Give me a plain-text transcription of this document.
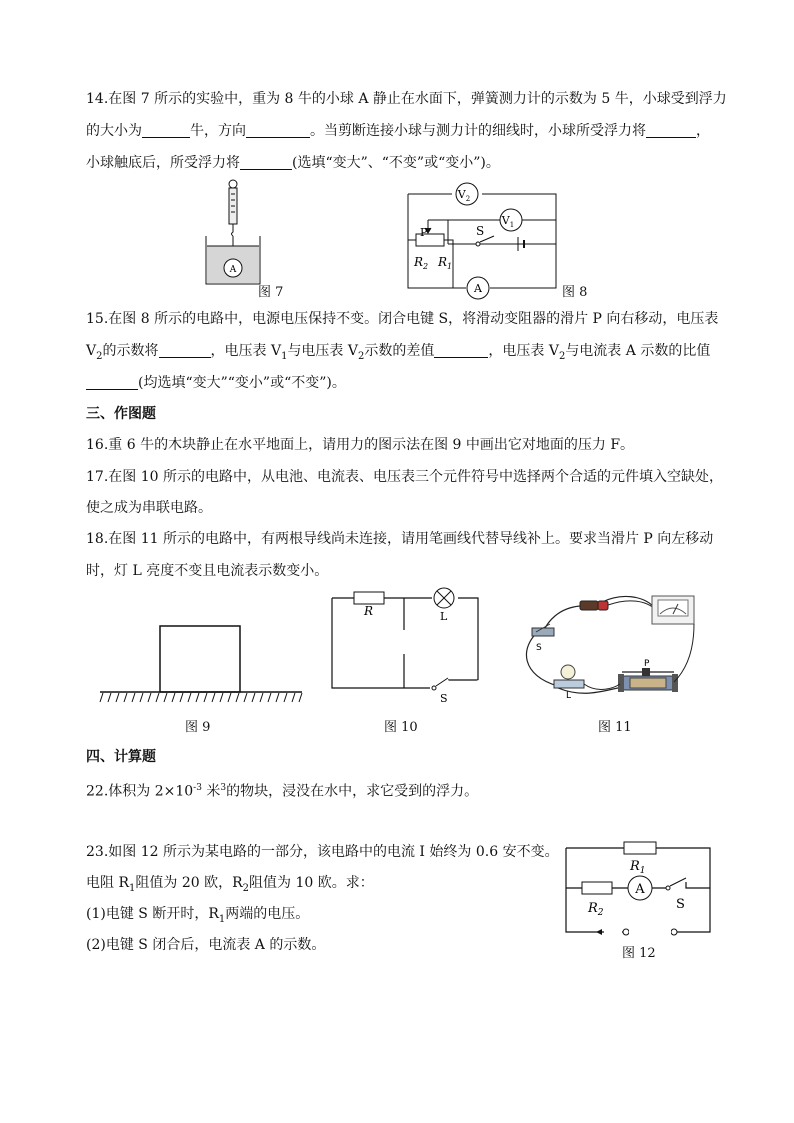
14.在图 7 所示的实验中，重为 8 牛的小球 A 静止在水面下，弹簧测力计的示数为 5 牛，小球受到浮力
的大小为	牛，方向	。当剪断连接小球与测力计的细线时，小球所受浮力将	，
小球触底后，所受浮力将	(选填“变大”、“不变”或“变小”)。
A
图 7
$V_2$
A
P
$V_1$
S
$R_2$ $R_1$
图 8
15.在图 8 所示的电路中，电源电压保持不变。闭合电键 S，将滑动变阻器的滑片 P 向右移动，电压表
$V_2$的示数将	，电压表 $V_1$与电压表 $V_2$示数的差值	，电压表 $V_2$与电流表 A 示数的比值
(均选填“变大”“变小”或“不变”)。
三、作图题
16.重 6 牛的木块静止在水平地面上，请用力的图示法在图 9 中画出它对地面的压力 F。
17.在图 10 所示的电路中，从电池、电流表、电压表三个元件符号中选择两个合适的元件填入空缺处，
使之成为串联电路。
18.在图 11 所示的电路中，有两根导线尚未连接，请用笔画线代替导线补上。要求当滑片 P 向左移动
时，灯 L 亮度不变且电流表示数变小。
图 9
R	L
S
图 10
S
L
P
图 11
四、计算题
22.体积为 $2\times 10^{-3}$ 米$^3$的物块，浸没在水中，求它受到的浮力。
23.如图 12 所示为某电路的一部分，该电路中的电流 I 始终为 0.6 安不变。
电阻 $R_1$阻值为 20 欧，$R_2$阻值为 10 欧。求：
(1)电键 S 断开时，$R_1$两端的电压。
(2)电键 S 闭合后，电流表 A 的示数。
$R_1$
$R_2$
A
S
图 12
